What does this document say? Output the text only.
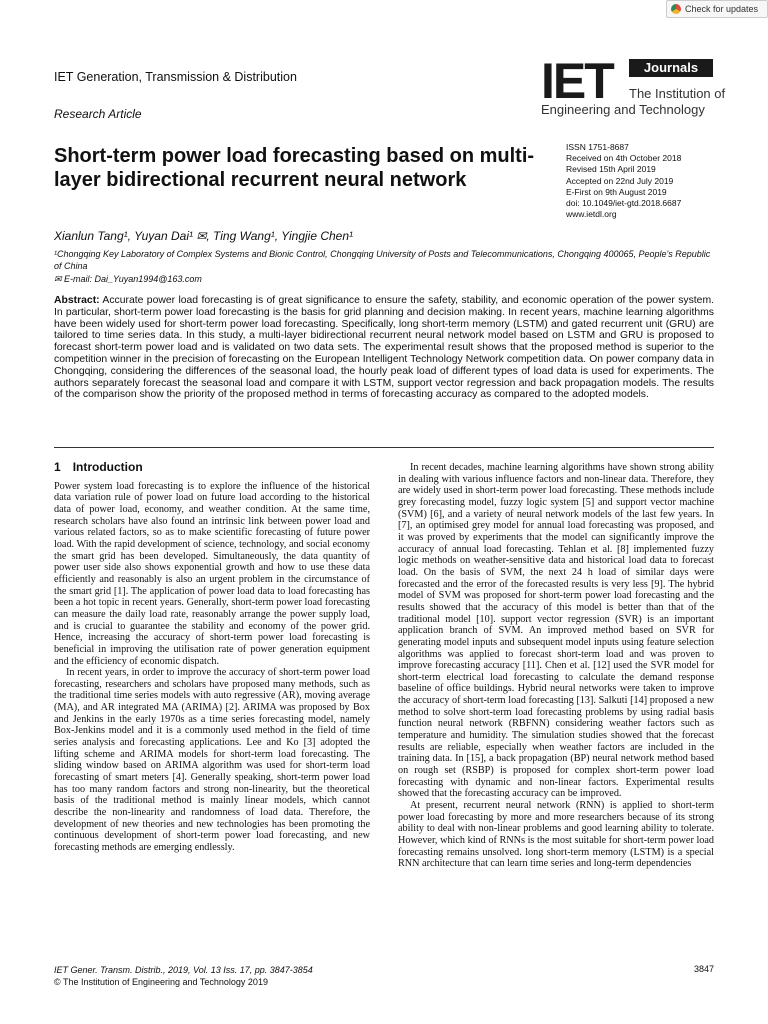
Check for updates
IET Generation, Transmission & Distribution
Research Article
IET	Journals
The Institution of
Engineering and Technology
Short-term power load forecasting based on multi-layer bidirectional recurrent neural network
ISSN 1751-8687
Received on 4th October 2018
Revised 15th April 2019
Accepted on 22nd July 2019
E-First on 9th August 2019
doi: 10.1049/iet-gtd.2018.6687
www.ietdl.org
Xianlun Tang¹, Yuyan Dai¹ ✉, Ting Wang¹, Yingjie Chen¹
¹Chongqing Key Laboratory of Complex Systems and Bionic Control, Chongqing University of Posts and Telecommunications, Chongqing 400065, People's Republic of China
✉ E-mail: Dai_Yuyan1994@163.com

Abstract: Accurate power load forecasting is of great significance to ensure the safety, stability, and economic operation of the power system. In particular, short-term power load forecasting is the basis for grid planning and decision making. In recent years, machine learning algorithms have been widely used for short-term power load forecasting. Specifically, long short-term memory (LSTM) and gated recurrent unit (GRU) are tailored to time series data. In this study, a multi-layer bidirectional recurrent neural network model based on LSTM and GRU is proposed to forecast short-term power load and is validated on two data sets. The experimental result shows that the proposed method is superior to the competition winner in the precision of forecasting on the European Intelligent Technology Network competition data. On power company data in Chongqing, considering the differences of the seasonal load, the hourly peak load of different types of load data is used for experiments. The authors separately forecast the seasonal load and compare it with LSTM, support vector regression and back propagation models. The results of the comparison show the priority of the proposed method in terms of forecasting accuracy as compared to the adopted models.

1 Introduction

Power system load forecasting is to explore the influence of the historical data variation rule of power load on future load according to the historical data of power load, economy, and weather condition. At the same time, research scholars have also found an intrinsic link between power load and various related factors, so as to make scientific forecasting of future power load. With the rapid development of science, technology, and social economy the smart grid has been developed. Simultaneously, the data quantity of power user side also shows exponential growth and how to use these data efficiently and reasonably is also an urgent problem in the circumstance of the smart grid [1]. The application of power load data to load forecasting has been a hot topic in recent years. Generally, short-term power load forecasting can measure the daily load rate, reasonably arrange the power supply load, and is crucial to guarantee the stability and economy of the power grid. Hence, increasing the accuracy of short-term power load forecasting is beneficial in improving the utilisation rate of power generation equipment and the efficiency of economic dispatch.

In recent years, in order to improve the accuracy of short-term power load forecasting, researchers and scholars have proposed many methods, such as the traditional time series models with auto regressive (AR), moving average (MA), and AR integrated MA (ARIMA) [2]. ARIMA was proposed by Box and Jenkins in the early 1970s as a time series forecasting model, namely Box-Jenkins model and it is a commonly used method in the field of time series analysis and forecasting applications. Lee and Ko [3] adopted the lifting scheme and ARIMA models for short-term load forecasting. The sliding window based on ARIMA algorithm was used for short-term load forecasting of smart meters [4]. Generally speaking, short-term power load has too many random factors and strong non-linearity, but the theoretical basis of the traditional method is mainly linear models, which cannot describe the non-linearity and randomness of load data. Therefore, the development of new theories and new technologies has been promoting the continuous development of short-term power load forecasting, and new forecasting methods are emerging endlessly.

In recent decades, machine learning algorithms have shown strong ability in dealing with various influence factors and non-linear data. Therefore, they are widely used in short-term power load forecasting. These methods include grey forecasting model, fuzzy logic system [5] and support vector machine (SVM) [6], and a variety of neural network models of the last few years. In [7], an optimised grey model for annual load forecasting was proposed, and it was proved by experiments that the model can significantly improve the accuracy of annual load forecasting. Tehlan et al. [8] implemented fuzzy logic methods on weather-sensitive data and historical load data to forecast load. On the basis of SVM, the next 24 h load of similar days were forecasted and the error of the forecasted results is very less [9]. The hybrid model of SVM was proposed for short-term power load forecasting and the results showed that the accuracy of this model is better than that of the traditional model [10]. support vector regression (SVR) is an important application branch of SVM. An improved method based on SVR for generating model inputs and subsequent model inputs using feature selection algorithms was applied to forecast short-term load and was proven to improve forecasting accuracy [11]. Chen et al. [12] used the SVR model for short-term electrical load forecasting to calculate the demand response baseline of office buildings. Hybrid neural networks were taken to improve the accuracy of short-term load forecasting [13]. Salkuti [14] proposed a new method to solve short-term load forecasting problems by using radial basis function neural network (RBFNN) considering weather factors such as temperature and humidity. The simulation studies showed that the forecast results are reliable, especially when weather factors are included in the training data. In [15], a back propagation (BP) neural network method based on rough set (RSBP) is proposed for complex short-term power load forecasting with dynamic and non-linear factors. Experimental results showed that the forecasting accuracy can be improved.

At present, recurrent neural network (RNN) is applied to short-term power load forecasting by more and more researchers because of its strong ability to deal with non-linear problems and good learning ability to tolerate. However, which kind of RNNs is the most suitable for short-term power load forecasting remains unsolved. long short-term memory (LSTM) is a special RNN architecture that can learn time series and long-term dependencies

IET Gener. Transm. Distrib., 2019, Vol. 13 Iss. 17, pp. 3847-3854
© The Institution of Engineering and Technology 2019
3847
